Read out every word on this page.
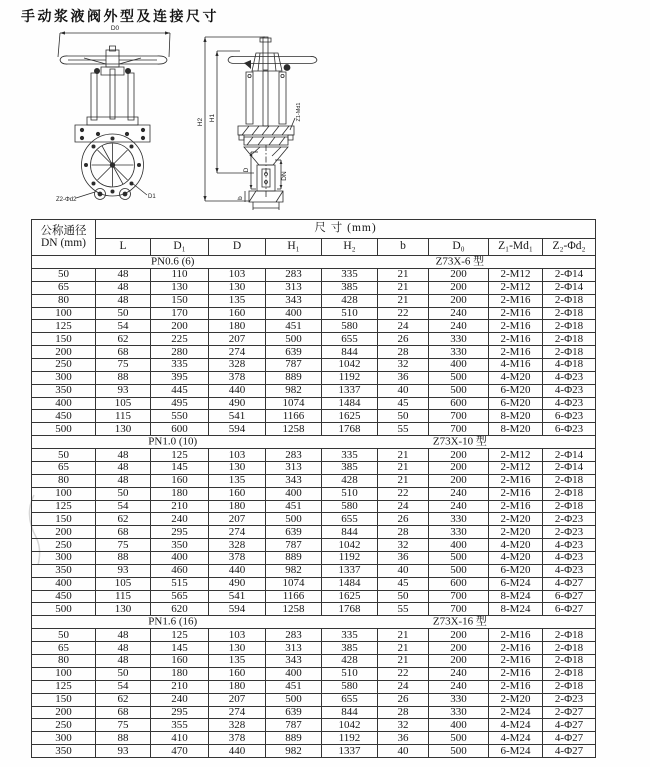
手动浆液阀外型及连接尺寸
D0
Z2-Φd2	D1
H2 H1	Z1-Md1
D
DN
b
公称通径
DN (mm)	尺 寸 (mm)								
	L	D₁	D	H₁	H₂	b	D₀	Z₁-Md₁	Z₂-Φd₂

PN0.6 (6) Z73X-6 型									

50	48	110	103	283	335	21	200	2-M12	2-Φ14
65	48	130	130	313	385	21	200	2-M12	2-Φ14
80	48	150	135	343	428	21	200	2-M16	2-Φ18
100	50	170	160	400	510	22	240	2-M16	2-Φ18
125	54	200	180	451	580	24	240	2-M16	2-Φ18
150	62	225	207	500	655	26	330	2-M16	2-Φ18
200	68	280	274	639	844	28	330	2-M16	2-Φ18
250	75	335	328	787	1042	32	400	4-M16	4-Φ18
300	88	395	378	889	1192	36	500	4-M20	4-Φ23
350	93	445	440	982	1337	40	500	6-M20	4-Φ23
400	105	495	490	1074	1484	45	600	6-M20	4-Φ23
450	115	550	541	1166	1625	50	700	8-M20	6-Φ23
500	130	600	594	1258	1768	55	700	8-M20	6-Φ23

PN1.0 (10) Z73X-10 型									

50	48	125	103	283	335	21	200	2-M12	2-Φ14
65	48	145	130	313	385	21	200	2-M12	2-Φ14
80	48	160	135	343	428	21	200	2-M16	2-Φ18
100	50	180	160	400	510	22	240	2-M16	2-Φ18
125	54	210	180	451	580	24	240	2-M16	2-Φ18
150	62	240	207	500	655	26	330	2-M20	2-Φ23
200	68	295	274	639	844	28	330	2-M20	2-Φ23
250	75	350	328	787	1042	32	400	4-M20	4-Φ23
300	88	400	378	889	1192	36	500	4-M20	4-Φ23
350	93	460	440	982	1337	40	500	6-M20	4-Φ23
400	105	515	490	1074	1484	45	600	6-M24	4-Φ27
450	115	565	541	1166	1625	50	700	8-M24	6-Φ27
500	130	620	594	1258	1768	55	700	8-M24	6-Φ27

PN1.6 (16) Z73X-16 型									

50	48	125	103	283	335	21	200	2-M16	2-Φ18
65	48	145	130	313	385	21	200	2-M16	2-Φ18
80	48	160	135	343	428	21	200	2-M16	2-Φ18
100	50	180	160	400	510	22	240	2-M16	2-Φ18
125	54	210	180	451	580	24	240	2-M16	2-Φ18
150	62	240	207	500	655	26	330	2-M20	2-Φ23
200	68	295	274	639	844	28	330	2-M24	2-Φ27
250	75	355	328	787	1042	32	400	4-M24	4-Φ27
300	88	410	378	889	1192	36	500	4-M24	4-Φ27
350	93	470	440	982	1337	40	500	6-M24	4-Φ27
